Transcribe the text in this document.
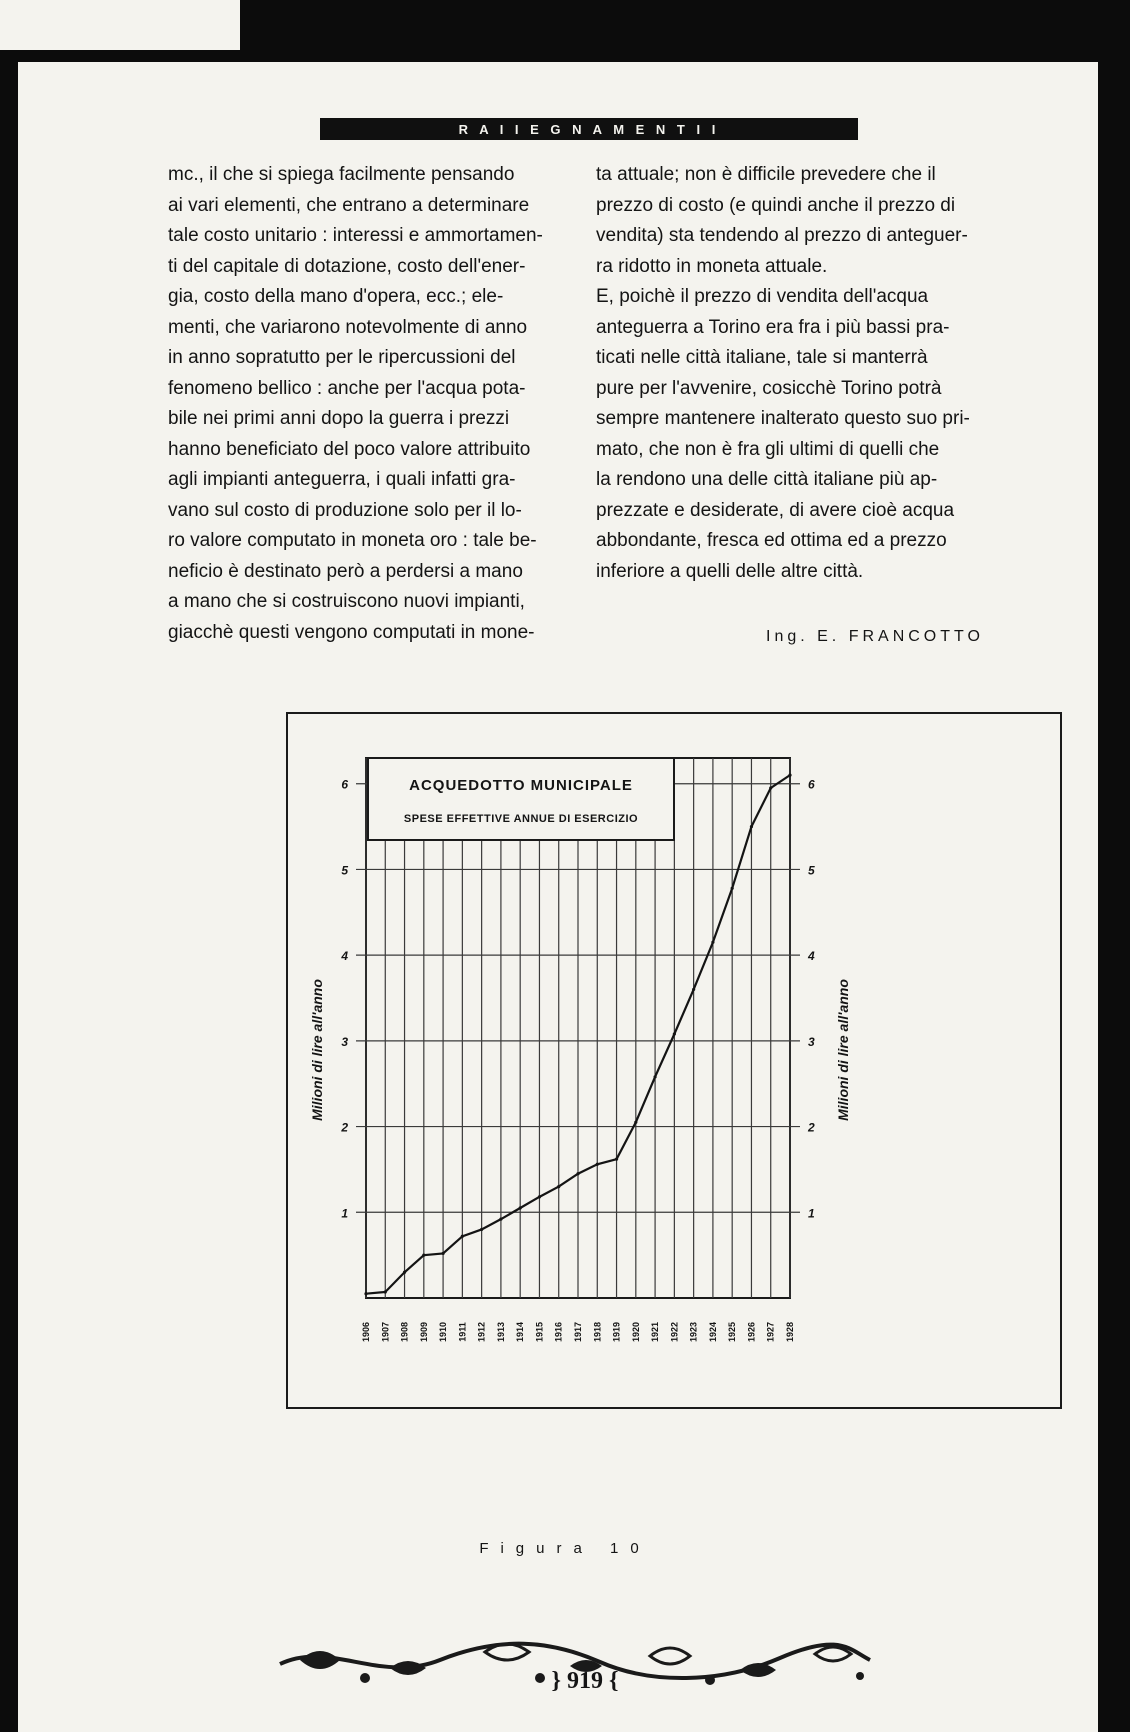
R A I I E G N A M E N T I I
mc., il che si spiega facilmente pensando
ai vari elementi, che entrano a determinare
tale costo unitario : interessi e ammortamen-
ti del capitale di dotazione, costo dell'ener-
gia, costo della mano d'opera, ecc.; ele-
menti, che variarono notevolmente di anno
in anno sopratutto per le ripercussioni del
fenomeno bellico : anche per l'acqua pota-
bile nei primi anni dopo la guerra i prezzi
hanno beneficiato del poco valore attribuito
agli impianti anteguerra, i quali infatti gra-
vano sul costo di produzione solo per il lo-
ro valore computato in moneta oro : tale be-
neficio è destinato però a perdersi a mano
a mano che si costruiscono nuovi impianti,
giacchè questi vengono computati in mone-
ta attuale; non è difficile prevedere che il
prezzo di costo (e quindi anche il prezzo di
vendita) sta tendendo al prezzo di anteguer-
ra ridotto in moneta attuale.
E, poichè il prezzo di vendita dell'acqua
anteguerra a Torino era fra i più bassi pra-
ticati nelle città italiane, tale si manterrà
pure per l'avvenire, cosicchè Torino potrà
sempre mantenere inalterato questo suo pri-
mato, che non è fra gli ultimi di quelli che
la rendono una delle città italiane più ap-
prezzate e desiderate, di avere cioè acqua
abbondante, fresca ed ottima ed a prezzo
inferiore a quelli delle altre città.
Ing. E. FRANCOTTO
1	1
2	2
3	3
4	4
5	5
6	6
Milioni di lire all'anno	Milioni di lire all'anno
1906 1907 1908 1909 1910 1911 1912 1913 1914 1915 1916 1917 1918 1919 1920 1921 1922 1923 1924 1925 1926 1927 1928
ACQUEDOTTO MUNICIPALE
SPESE EFFETTIVE ANNUE DI ESERCIZIO
Figura 10
} 919 {
